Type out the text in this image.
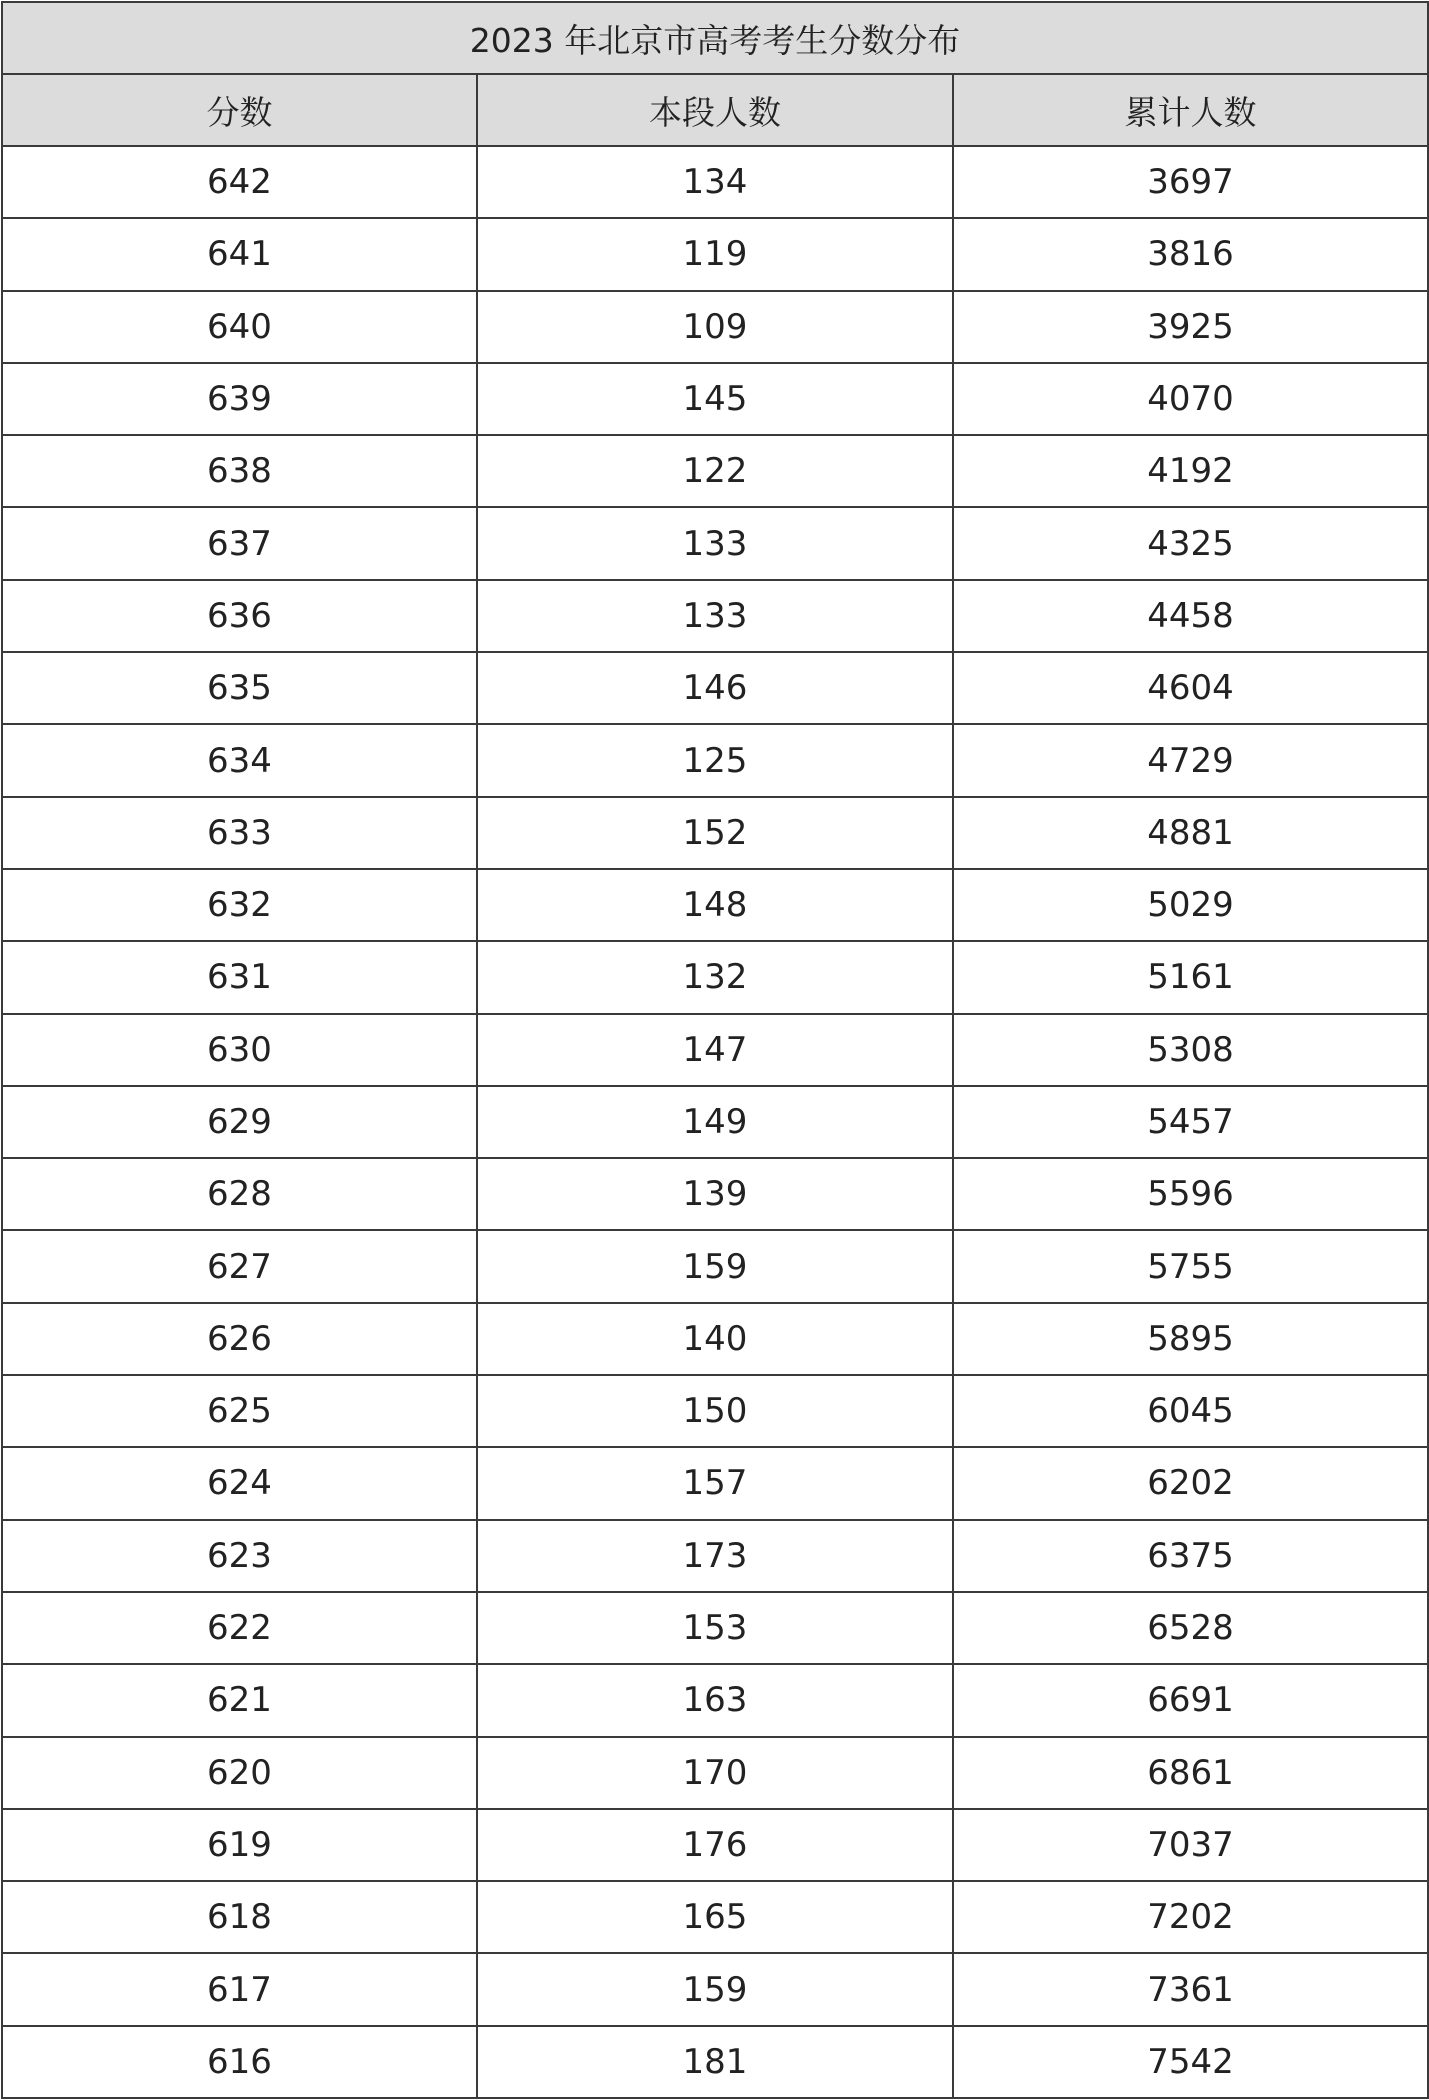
2023 年北京市高考考生分数分布		
分数	本段人数	累计人数
642	134	3697
641	119	3816
640	109	3925
639	145	4070
638	122	4192
637	133	4325
636	133	4458
635	146	4604
634	125	4729
633	152	4881
632	148	5029
631	132	5161
630	147	5308
629	149	5457
628	139	5596
627	159	5755
626	140	5895
625	150	6045
624	157	6202
623	173	6375
622	153	6528
621	163	6691
620	170	6861
619	176	7037
618	165	7202
617	159	7361
616	181	7542
